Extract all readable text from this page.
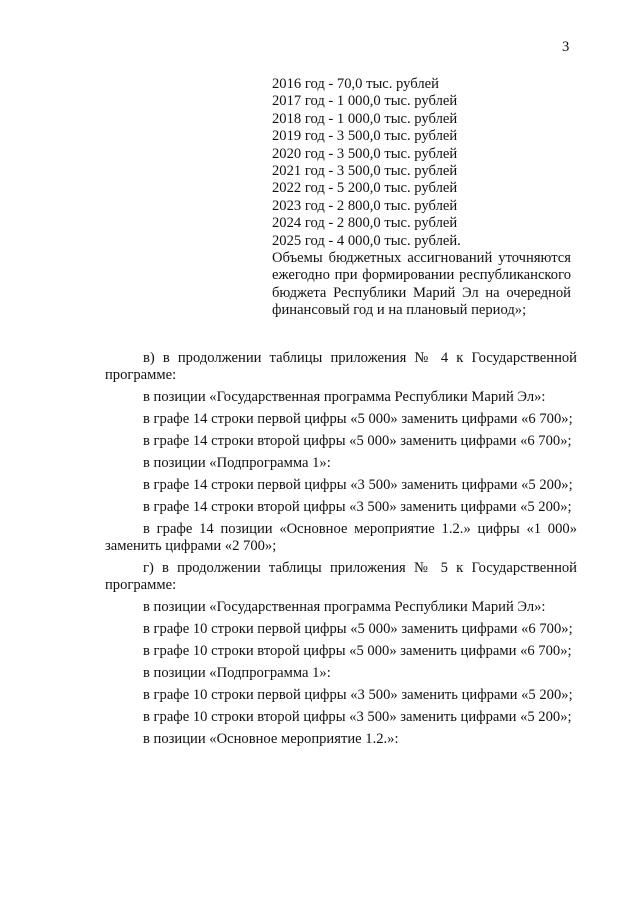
3
2016 год - 70,0 тыс. рублей
2017 год - 1 000,0 тыс. рублей
2018 год - 1 000,0 тыс. рублей
2019 год - 3 500,0 тыс. рублей
2020 год - 3 500,0 тыс. рублей
2021 год - 3 500,0 тыс. рублей
2022 год - 5 200,0 тыс. рублей
2023 год - 2 800,0 тыс. рублей
2024 год - 2 800,0 тыс. рублей
2025 год - 4 000,0 тыс. рублей.
Объемы бюджетных ассигнований уточняются ежегодно при формировании республиканского бюджета Республики Марий Эл на очередной финансовый год и на плановый период»;

в) в продолжении таблицы приложения № 4 к Государственной программе:

в позиции «Государственная программа Республики Марий Эл»:

в графе 14 строки первой цифры «5 000» заменить цифрами «6 700»;

в графе 14 строки второй цифры «5 000» заменить цифрами «6 700»;

в позиции «Подпрограмма 1»:

в графе 14 строки первой цифры «3 500» заменить цифрами «5 200»;

в графе 14 строки второй цифры «3 500» заменить цифрами «5 200»;

в графе 14 позиции «Основное мероприятие 1.2.» цифры «1 000» заменить цифрами «2 700»;

г) в продолжении таблицы приложения № 5 к Государственной программе:

в позиции «Государственная программа Республики Марий Эл»:

в графе 10 строки первой цифры «5 000» заменить цифрами «6 700»;

в графе 10 строки второй цифры «5 000» заменить цифрами «6 700»;

в позиции «Подпрограмма 1»:

в графе 10 строки первой цифры «3 500» заменить цифрами «5 200»;

в графе 10 строки второй цифры «3 500» заменить цифрами «5 200»;

в позиции «Основное мероприятие 1.2.»:
